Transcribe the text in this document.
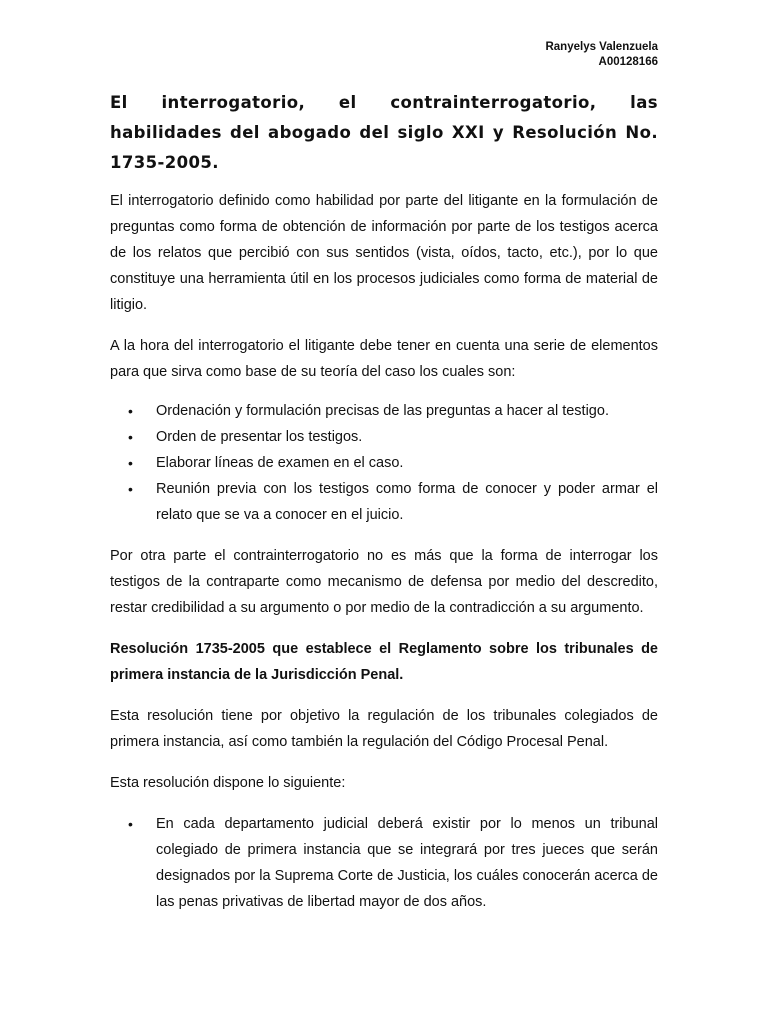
Ranyelys Valenzuela
A00128166
El interrogatorio, el contrainterrogatorio, las habilidades del abogado del siglo XXI y Resolución No. 1735-2005.

El interrogatorio definido como habilidad por parte del litigante en la formulación de preguntas como forma de obtención de información por parte de los testigos acerca de los relatos que percibió con sus sentidos (vista, oídos, tacto, etc.), por lo que constituye una herramienta útil en los procesos judiciales como forma de material de litigio.

A la hora del interrogatorio el litigante debe tener en cuenta una serie de elementos para que sirva como base de su teoría del caso los cuales son:

• Ordenación y formulación precisas de las preguntas a hacer al testigo.
• Orden de presentar los testigos.
• Elaborar líneas de examen en el caso.
• Reunión previa con los testigos como forma de conocer y poder armar el relato que se va a conocer en el juicio.

Por otra parte el contrainterrogatorio no es más que la forma de interrogar los testigos de la contraparte como mecanismo de defensa por medio del descredito, restar credibilidad a su argumento o por medio de la contradicción a su argumento.

Resolución 1735-2005 que establece el Reglamento sobre los tribunales de primera instancia de la Jurisdicción Penal.

Esta resolución tiene por objetivo la regulación de los tribunales colegiados de primera instancia, así como también la regulación del Código Procesal Penal.

Esta resolución dispone lo siguiente:

• En cada departamento judicial deberá existir por lo menos un tribunal colegiado de primera instancia que se integrará por tres jueces que serán designados por la Suprema Corte de Justicia, los cuáles conocerán acerca de las penas privativas de libertad mayor de dos años.
